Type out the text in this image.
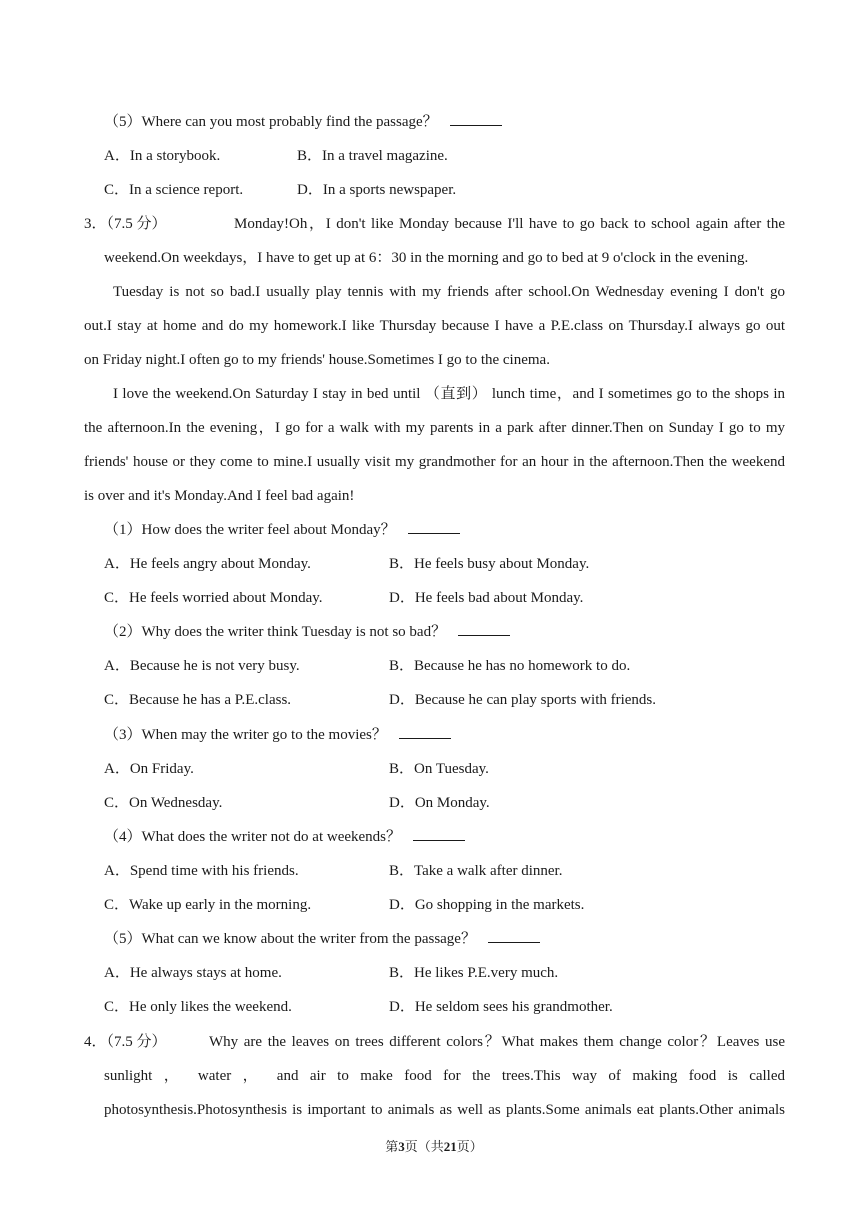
（5）Where can you most probably find the passage？
A．In a storybook.	B．In a travel magazine.
C．In a science report.	D．In a sports newspaper.
3．（7.5 分）	Monday!Oh，I don't like Monday because I'll have to go back to school again after the
weekend.On weekdays，I have to get up at 6：30 in the morning and go to bed at 9 o'clock in the evening.
Tuesday is not so bad.I usually play tennis with my friends after school.On Wednesday evening I don't go
out.I stay at home and do my homework.I like Thursday because I have a P.E.class on Thursday.I always go out
on Friday night.I often go to my friends' house.Sometimes I go to the cinema.
I love the weekend.On Saturday I stay in bed until （直到） lunch time，and I sometimes go to the shops in
the afternoon.In the evening，I go for a walk with my parents in a park after dinner.Then on Sunday I go to my
friends' house or they come to mine.I usually visit my grandmother for an hour in the afternoon.Then the weekend
is over and it's Monday.And I feel bad again!
（1）How does the writer feel about Monday？
A．He feels angry about Monday.	B．He feels busy about Monday.
C．He feels worried about Monday.	D．He feels bad about Monday.
（2）Why does the writer think Tuesday is not so bad？
A．Because he is not very busy.	B．Because he has no homework to do.
C．Because he has a P.E.class.	D．Because he can play sports with friends.
（3）When may the writer go to the movies？
A．On Friday.	B．On Tuesday.
C．On Wednesday.	D．On Monday.
（4）What does the writer not do at weekends？
A．Spend time with his friends.	B．Take a walk after dinner.
C．Wake up early in the morning.	D．Go shopping in the markets.
（5）What can we know about the writer from the passage？
A．He always stays at home.	B．He likes P.E.very much.
C．He only likes the weekend.	D．He seldom sees his grandmother.
4．（7.5 分）	Why are the leaves on trees different colors？What makes them change color？Leaves use
sunlight ， water ， and air to make food for the trees.This way of making food is called
photosynthesis.Photosynthesis is important to animals as well as plants.Some animals eat plants.Other animals
第3页（共21页）
